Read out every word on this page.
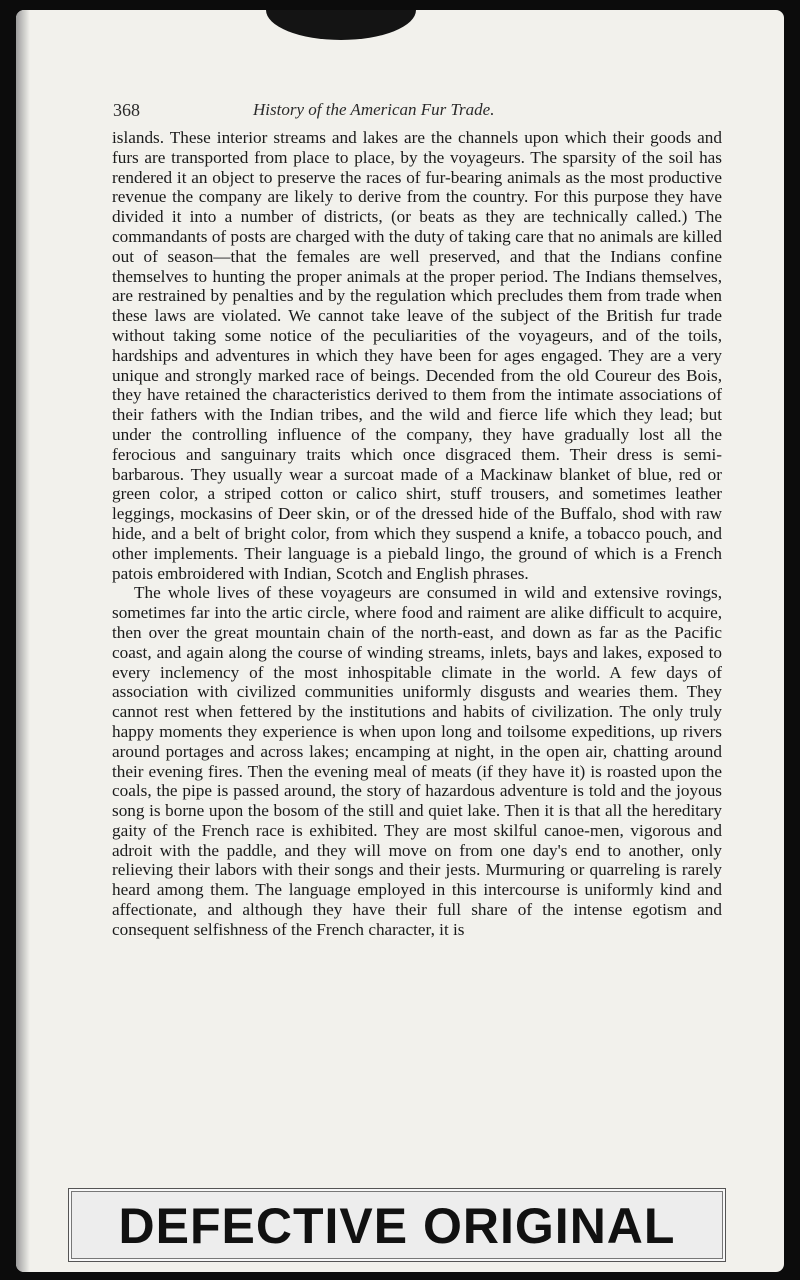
368	History of the American Fur Trade.

islands. These interior streams and lakes are the channels upon which their goods and furs are transported from place to place, by the voyageurs. The sparsity of the soil has rendered it an object to preserve the races of fur-bearing animals as the most productive revenue the company are likely to derive from the country. For this purpose they have divided it into a number of districts, (or beats as they are technically called.) The commandants of posts are charged with the duty of taking care that no animals are killed out of season—that the females are well preserved, and that the Indians confine themselves to hunting the proper animals at the proper period. The Indians themselves, are restrained by penalties and by the regulation which precludes them from trade when these laws are violated. We cannot take leave of the subject of the British fur trade without taking some notice of the peculiarities of the voyageurs, and of the toils, hardships and adventures in which they have been for ages engaged. They are a very unique and strongly marked race of beings. Decended from the old Coureur des Bois, they have retained the characteristics derived to them from the intimate associations of their fathers with the Indian tribes, and the wild and fierce life which they lead; but under the controlling influence of the company, they have gradually lost all the ferocious and sanguinary traits which once disgraced them. Their dress is semi-barbarous. They usually wear a surcoat made of a Mackinaw blanket of blue, red or green color, a striped cotton or calico shirt, stuff trousers, and sometimes leather leggings, mockasins of Deer skin, or of the dressed hide of the Buffalo, shod with raw hide, and a belt of bright color, from which they suspend a knife, a tobacco pouch, and other implements. Their language is a piebald lingo, the ground of which is a French patois embroidered with Indian, Scotch and English phrases.

The whole lives of these voyageurs are consumed in wild and extensive rovings, sometimes far into the artic circle, where food and raiment are alike difficult to acquire, then over the great mountain chain of the north-east, and down as far as the Pacific coast, and again along the course of winding streams, inlets, bays and lakes, exposed to every inclemency of the most inhospitable climate in the world. A few days of association with civilized communities uniformly disgusts and wearies them. They cannot rest when fettered by the institutions and habits of civilization. The only truly happy moments they experience is when upon long and toilsome expeditions, up rivers around portages and across lakes; encamping at night, in the open air, chatting around their evening fires. Then the evening meal of meats (if they have it) is roasted upon the coals, the pipe is passed around, the story of hazardous adventure is told and the joyous song is borne upon the bosom of the still and quiet lake. Then it is that all the hereditary gaity of the French race is exhibited. They are most skilful canoe-men, vigorous and adroit with the paddle, and they will move on from one day's end to another, only relieving their labors with their songs and their jests. Murmuring or quarreling is rarely heard among them. The language employed in this intercourse is uniformly kind and affectionate, and although they have their full share of the intense egotism and consequent selfishness of the French character, it is

DEFECTIVE ORIGINAL
